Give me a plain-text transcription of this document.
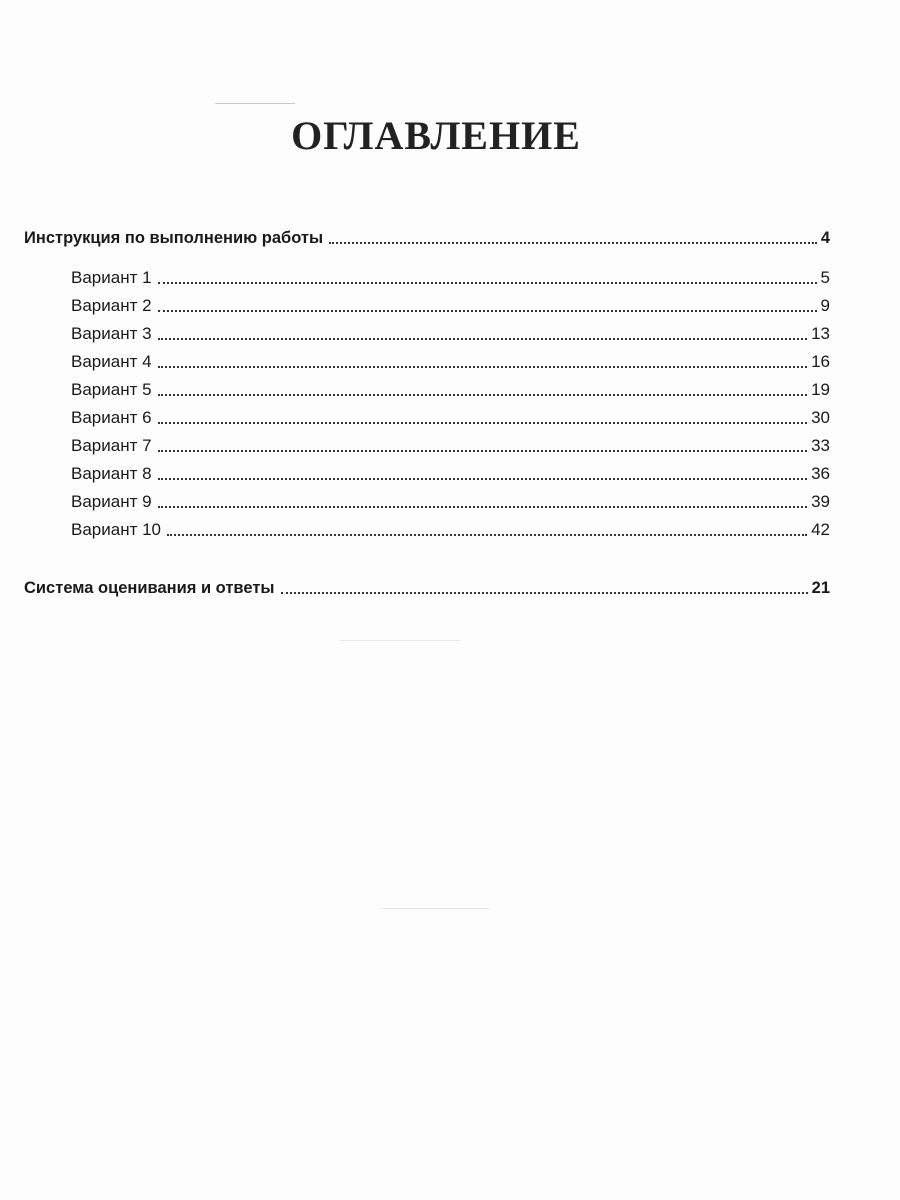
ОГЛАВЛЕНИЕ
Инструкция по выполнению работы	4
Вариант 1	5
Вариант 2	9
Вариант 3	13
Вариант 4	16
Вариант 5	19
Вариант 6	30
Вариант 7	33
Вариант 8	36
Вариант 9	39
Вариант 10	42
Система оценивания и ответы	21
